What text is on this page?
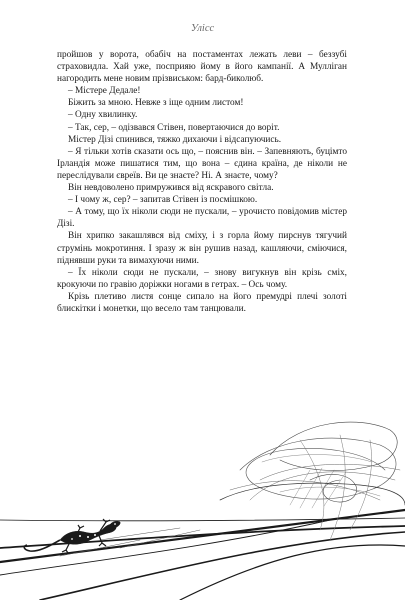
Улісс

пройшов у ворота, обабіч на постаментах лежать леви – беззубі страховидла. Хай уже, посприяю йому в його кампанії. А Мулліган нагородить мене новим прізвиськом: бард-биколюб.

– Містере Дедале!

Біжить за мною. Невже з іще одним листом!

– Одну хвилинку.

– Так, сер, – одізвався Стівен, повертаючися до воріт.

Містер Дізі спинився, тяжко дихаючи і відсапуючись.

– Я тільки хотів сказати ось що, – пояснив він. – Запевняють, буцімто Ірландія може пишатися тим, що вона – єдина країна, де ніколи не переслідували євреїв. Ви це знаєте? Ні. А знаєте, чому?

Він невдоволено примружився від яскравого світла.

– І чому ж, сер? – запитав Стівен із посмішкою.

– А тому, що їх ніколи сюди не пускали, – урочисто повідомив містер Дізі.

Він хрипко закашлявся від сміху, і з горла йому пирснув тягучий струмінь мокротиння. І зразу ж він рушив назад, кашляючи, сміючися, піднявши руки та вимахуючи ними.

– Їх ніколи сюди не пускали, – знову вигукнув він крізь сміх, крокуючи по гравію доріжки ногами в гетрах. – Ось чому.

Крізь плетиво листя сонце сипало на його премудрі плечі золоті блискітки і монетки, що весело там танцювали.
